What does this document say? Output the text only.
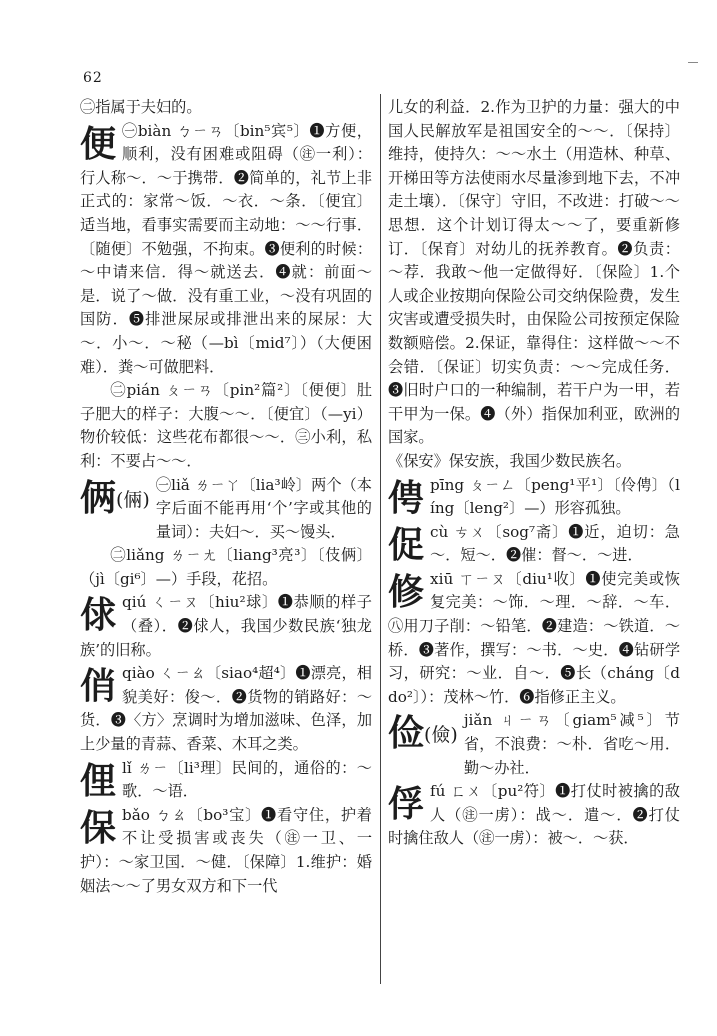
62

㊁指属于夫妇的。

便 ㊀biàn ㄅㄧㄢ〔bin⁵宾⁵〕❶方便，顺利，没有困难或阻碍（㊟一利）：行人称～．～于携带．❷简单的，礼节上非正式的：家常～饭．～衣．～条．〔便宜〕适当地，看事实需要而主动地：～～行事．〔随便〕不勉强，不拘束。❸便利的时候：～中请来信．得～就送去．❹就：前面～是．说了～做．没有重工业，～没有巩固的国防．❺排泄屎尿或排泄出来的屎尿：大～．小～．～秘（—bì〔mid⁷〕）（大便困难）．粪～可做肥料．

㊁pián ㄆㄧㄢ〔pin²篇²〕〔便便〕肚子肥大的样子：大腹～～．〔便宜〕（—yi）物价较低：这些花布都很～～．㊂小利，私利：不要占～～．

俩(倆)

㊀liǎ ㄌㄧㄚ〔lia³岭〕两个（本字后面不能再用‘个’字或其他的量词）：夫妇～．买～馒头．

㊁liǎng ㄌㄧㄤ〔liang³亮³〕〔伎俩〕（jì〔gi⁶〕—）手段，花招。

俅 qiú ㄑㄧㄡ〔hiu²球〕❶恭顺的样子（叠）．❷俅人，我国少数民族‘独龙族’的旧称。

俏 qiào ㄑㄧㄠ〔siao⁴超⁴〕❶漂亮，相貌美好：俊～．❷货物的销路好：～货．❸〈方〉烹调时为增加滋味、色泽，加上少量的青蒜、香菜、木耳之类。

俚 lǐ ㄌㄧ〔li³理〕民间的，通俗的：～歌．～语．

保 bǎo ㄅㄠ〔bo³宝〕❶看守住，护着不让受损害或丧失（㊟一卫、一护）：～家卫国．～健．〔保障〕1.维护：婚姻法～～了男女双方和下一代

儿女的利益．2.作为卫护的力量：强大的中国人民解放军是祖国安全的～～．〔保持〕维持，使持久：～～水土（用造林、种草、开梯田等方法使雨水尽量渗到地下去，不冲走土壤）．〔保守〕守旧，不改进：打破～～思想．这个计划订得太～～了，要重新修订．〔保育〕对幼儿的抚养教育。❷负责：～荐．我敢～他一定做得好．〔保险〕1.个人或企业按期向保险公司交纳保险费，发生灾害或遭受损失时，由保险公司按预定保险数额赔偿。2.保证，靠得住：这样做～～不会错．〔保证〕切实负责：～～完成任务．❸旧时户口的一种编制，若干户为一甲，若干甲为一保。❹（外）指保加利亚，欧洲的国家。

《保安》保安族，我国少数民族名。

俜 pīng ㄆㄧㄥ〔peng¹平¹〕〔伶俜〕（líng〔leng²〕—）形容孤独。

促 cù ㄘㄨ〔sog⁷斋〕❶近，迫切：急～．短～．❷催：督～．～进．

修 xiū ㄒㄧㄡ〔diu¹收〕❶使完美或恢复完美：～饰．～理．～辞．～车．㊇用刀子削：～铅笔．❷建造：～铁道．～桥．❸著作，撰写：～书．～史．❹钻研学习，研究：～业．自～．❺长（cháng〔ddo²〕）：茂林～竹．❻指修正主义。

俭(儉)

jiǎn ㄐㄧㄢ〔giam⁵减⁵〕节省，不浪费：～朴．省吃～用．勤～办社．

俘 fú ㄈㄨ〔pu²符〕❶打仗时被擒的敌人（㊟一虏）：战～．遣～．❷打仗时擒住敌人（㊟一虏）：被～．～获．
